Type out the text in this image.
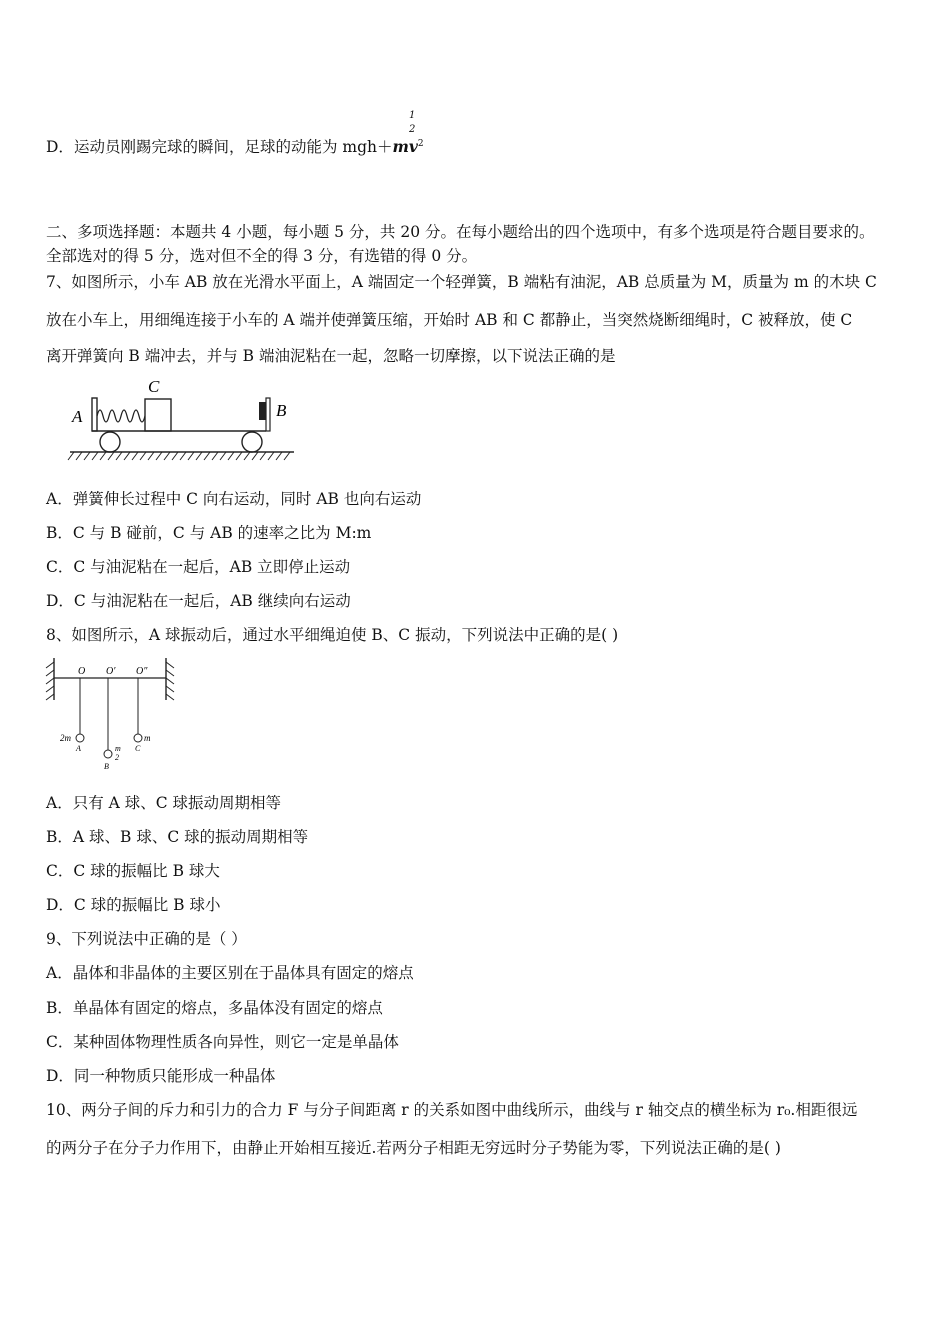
D．运动员刚踢完球的瞬间，足球的动能为 $mgh+mv^2$
1
2
二、多项选择题：本题共 4 小题，每小题 5 分，共 20 分。在每小题给出的四个选项中，有多个选项是符合题目要求的。
全部选对的得 5 分，选对但不全的得 3 分，有选错的得 0 分。
7、如图所示，小车 AB 放在光滑水平面上，A 端固定一个轻弹簧，B 端粘有油泥，AB 总质量为 M，质量为 m 的木块 C
放在小车上，用细绳连接于小车的 A 端并使弹簧压缩，开始时 AB 和 C 都静止，当突然烧断细绳时，C 被释放，使 C
离开弹簧向 B 端冲去，并与 B 端油泥粘在一起，忽略一切摩擦，以下说法正确的是
C
A	B
A．弹簧伸长过程中 C 向右运动，同时 AB 也向右运动
B．C 与 B 碰前，C 与 AB 的速率之比为 M:m
C．C 与油泥粘在一起后，AB 立即停止运动
D．C 与油泥粘在一起后，AB 继续向右运动
8、如图所示，A 球振动后，通过水平细绳迫使 B、C 振动，下列说法中正确的是( )
O O′ O″
2m
A	m
2
B
m
C
A．只有 A 球、C 球振动周期相等
B．A 球、B 球、C 球的振动周期相等
C．C 球的振幅比 B 球大
D．C 球的振幅比 B 球小
9、下列说法中正确的是（ ）
A．晶体和非晶体的主要区别在于晶体具有固定的熔点
B．单晶体有固定的熔点，多晶体没有固定的熔点
C．某种固体物理性质各向异性，则它一定是单晶体
D．同一种物质只能形成一种晶体
10、两分子间的斥力和引力的合力 F 与分子间距离 r 的关系如图中曲线所示，曲线与 r 轴交点的横坐标为 r₀.相距很远
的两分子在分子力作用下，由静止开始相互接近.若两分子相距无穷远时分子势能为零，下列说法正确的是( )
